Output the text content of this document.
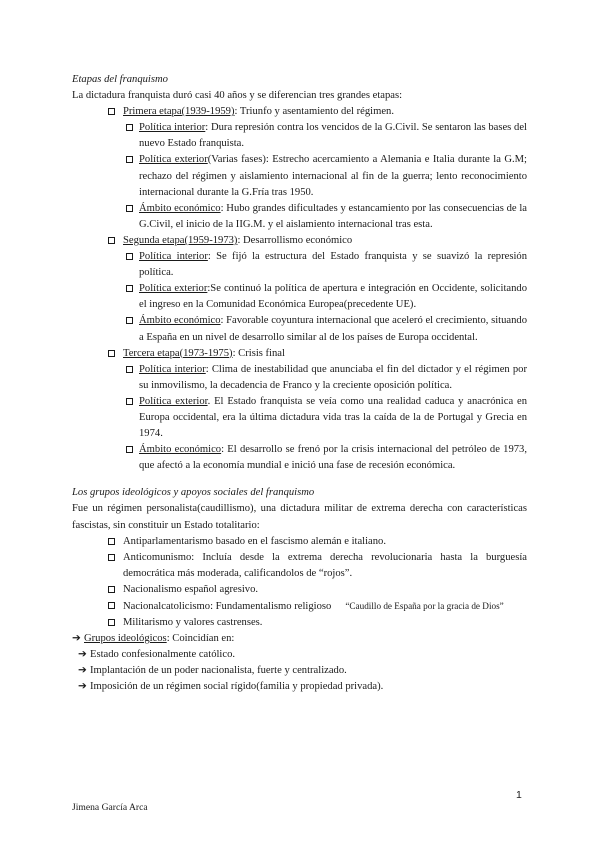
Etapas del franquismo

La dictadura franquista duró casi 40 años y se diferencian tres grandes etapas:

Primera etapa(1939-1959): Triunfo y asentamiento del régimen.
Política interior: Dura represión contra los vencidos de la G.Civil. Se sentaron las bases del nuevo Estado franquista.
Política exterior(Varias fases): Estrecho acercamiento a Alemania e Italia durante la G.M; rechazo del régimen y aislamiento internacional al fin de la guerra; lento reconocimiento internacional durante la G.Fría tras 1950.
Ámbito económico: Hubo grandes dificultades y estancamiento por las consecuencias de la G.Civil, el inicio de la IIG.M. y el aislamiento internacional tras esta.
Segunda etapa(1959-1973): Desarrollismo económico
Política interior: Se fijó la estructura del Estado franquista y se suavizó la represión política.
Política exterior:Se continuó la política de apertura e integración en Occidente, solicitando el ingreso en la Comunidad Económica Europea(precedente UE).
Ámbito económico: Favorable coyuntura internacional que aceleró el crecimiento, situando a España en un nivel de desarrollo similar al de los países de Europa occidental.
Tercera etapa(1973-1975): Crisis final
Política interior: Clima de inestabilidad que anunciaba el fin del dictador y el régimen por su inmovilismo, la decadencia de Franco y la creciente oposición política.
Política exterior. El Estado franquista se veía como una realidad caduca y anacrónica en Europa occidental, era la última dictadura vida tras la caída de la de Portugal y Grecia en 1974.
Ámbito económico: El desarrollo se frenó por la crisis internacional del petróleo de 1973, que afectó a la economía mundial e inició una fase de recesión económica.

Los grupos ideológicos y apoyos sociales del franquismo

Fue un régimen personalista(caudillismo), una dictadura militar de extrema derecha con características fascistas, sin constituir un Estado totalitario:

Antiparlamentarismo basado en el fascismo alemán e italiano.
Anticomunismo: Incluía desde la extrema derecha revolucionaria hasta la burguesía democrática más moderada, calificandolos de “rojos”.
Nacionalismo español agresivo.
Nacionalcatolicismo: Fundamentalismo religioso “Caudillo de España por la gracia de Dios”
Militarismo y valores castrenses.
➔ Grupos ideológicos: Coincidían en:
➔ Estado confesionalmente católico.
➔ Implantación de un poder nacionalista, fuerte y centralizado.
➔ Imposición de un régimen social rígido(familia y propiedad privada).
1
Jimena García Arca
